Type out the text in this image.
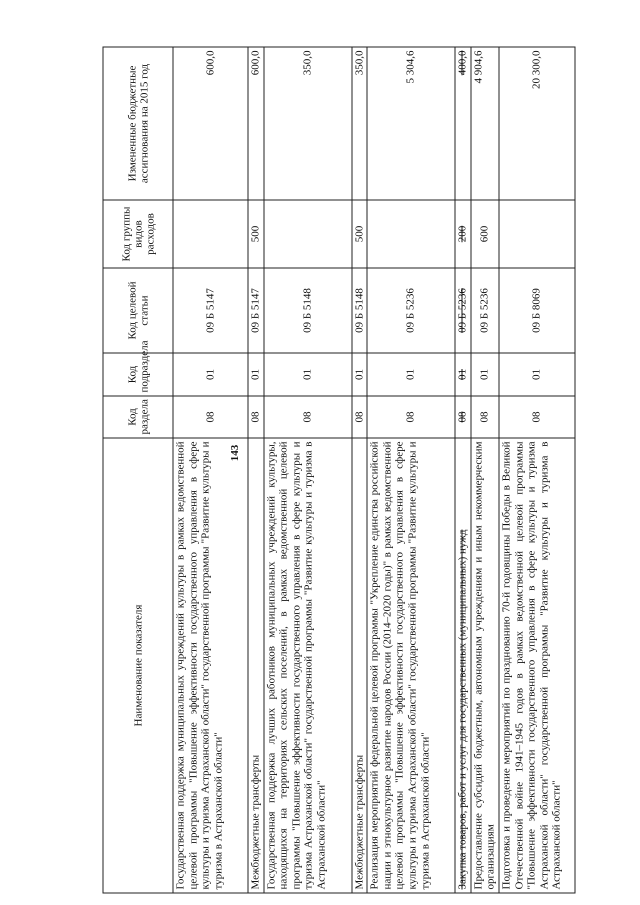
143
Наименование показателя	Код раздела	Код подраздела	Код целевой статьи	Код группы видов расходов	Измененные бюджетные ассигнования на 2015 год
Государственная поддержка муниципальных учреждений культуры в рамках ведомственной целевой программы "Повышение эффективности государственного управления в сфере культуры и туризма Астраханской области" государственной программы "Развитие культуры и туризма в Астраханской области"	08	01	09 Б 5147		600,0
Межбюджетные трансферты	08	01	09 Б 5147	500	600,0
Государственная поддержка лучших работников муниципальных учреждений культуры, находящихся на территориях сельских поселений, в рамках ведомственной целевой программы "Повышение эффективности государственного управления в сфере культуры и туризма Астраханской области" государственной программы "Развитие культуры и туризма в Астраханской области"	08	01	09 Б 5148		350,0
Межбюджетные трансферты	08	01	09 Б 5148	500	350,0
Реализация мероприятий федеральной целевой программы "Укрепление единства российской нации и этнокультурное развитие народов России (2014–2020 годы)" в рамках ведомственной целевой программы "Повышение эффективности государственного управления в сфере культуры и туризма Астраханской области" государственной программы "Развитие культуры и туризма в Астраханской области"	08	01	09 Б 5236		5 304,6
Закупка товаров, работ и услуг для государственных (муниципальных) нужд	08	01	09 Б 5236	200	400,0
Предоставление субсидий бюджетным, автономным учреждениям и иным некоммерческим организациям	08	01	09 Б 5236	600	4 904,6
Подготовка и проведение мероприятий по празднованию 70-й годовщины Победы в Великой Отечественной войне 1941–1945 годов в рамках ведомственной целевой программы "Повышение эффективности государственного управления в сфере культуры и туризма Астраханской области" государственной программы "Развитие культуры и туризма в Астраханской области"	08	01	09 Б 8069		20 300,0
